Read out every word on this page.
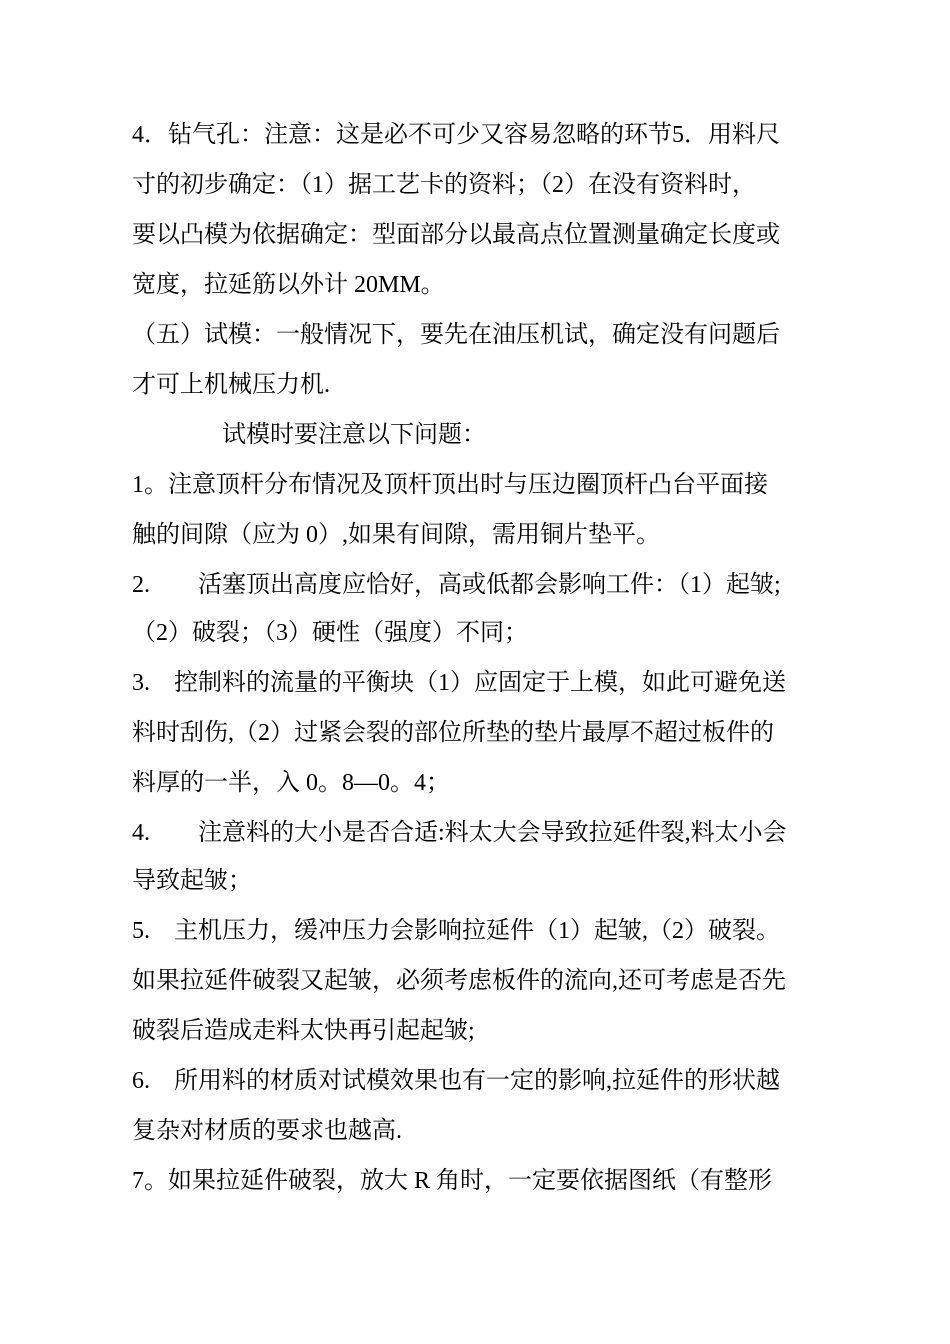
4．钻气孔：注意：这是必不可少又容易忽略的环节5．用料尺
寸的初步确定：（1）据工艺卡的资料；（2）在没有资料时，
要以凸模为依据确定：型面部分以最高点位置测量确定长度或
宽度，拉延筋以外计 20MM。
（五）试模：一般情况下，要先在油压机试，确定没有问题后
才可上机械压力机.
试模时要注意以下问题：
1。注意顶杆分布情况及顶杆顶出时与压边圈顶杆凸台平面接
触的间隙（应为 0）,如果有间隙，需用铜片垫平。
2.　　活塞顶出高度应恰好，高或低都会影响工件：（1）起皱;
（2）破裂；（3）硬性（强度）不同；
3.　控制料的流量的平衡块（1）应固定于上模，如此可避免送
料时刮伤,（2）过紧会裂的部位所垫的垫片最厚不超过板件的
料厚的一半，入 0。8—0。4；
4.　　注意料的大小是否合适:料太大会导致拉延件裂,料太小会
导致起皱；
5.　主机压力，缓冲压力会影响拉延件（1）起皱,（2）破裂。
如果拉延件破裂又起皱，必须考虑板件的流向,还可考虑是否先
破裂后造成走料太快再引起起皱;
6.　所用料的材质对试模效果也有一定的影响,拉延件的形状越
复杂对材质的要求也越高.
7。如果拉延件破裂，放大 R 角时，一定要依据图纸（有整形
